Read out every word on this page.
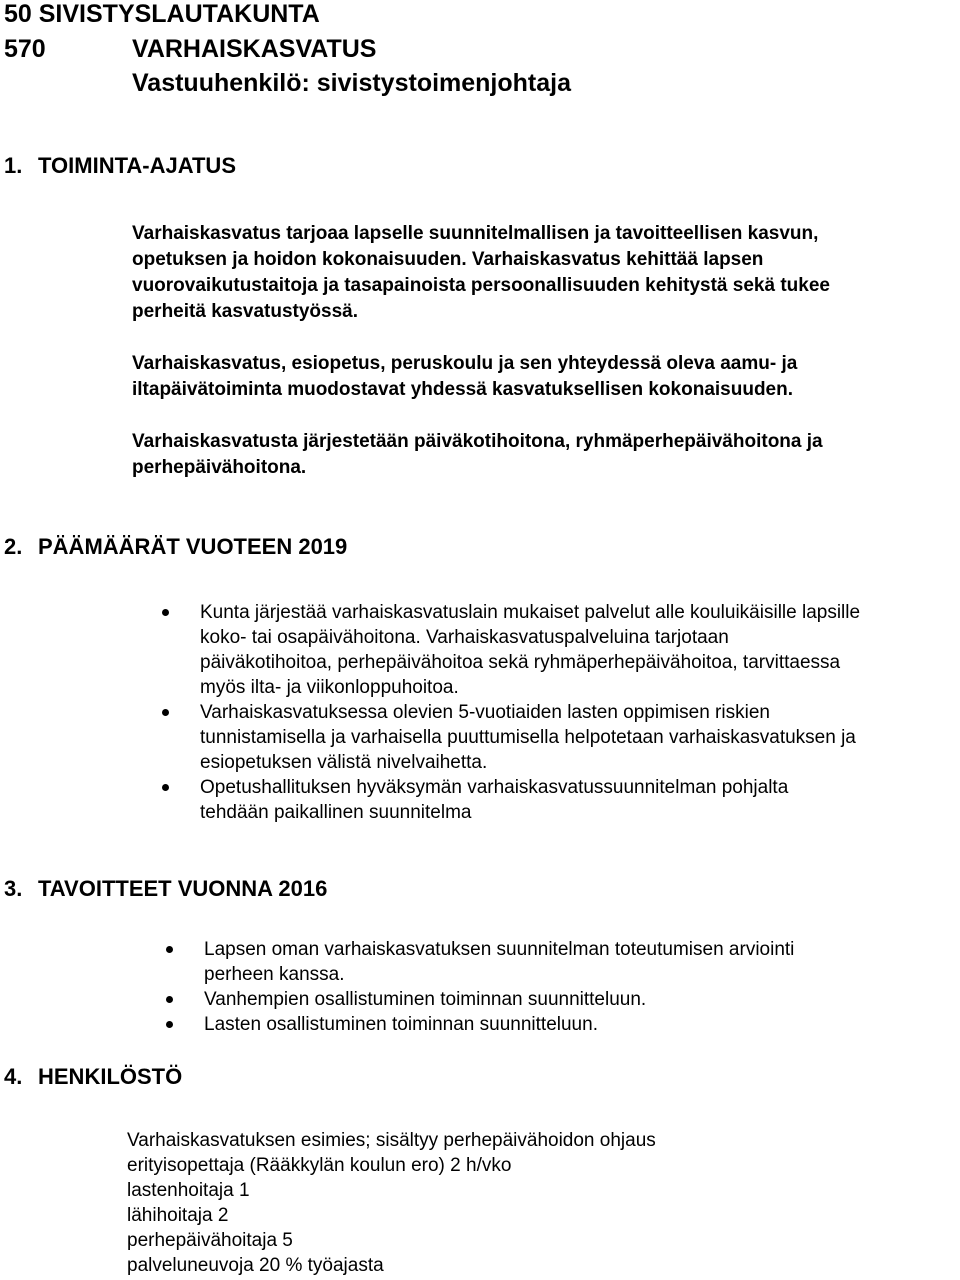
50 SIVISTYSLAUTAKUNTA
570	VARHAISKASVATUS
Vastuuhenkilö: sivistystoimenjohtaja
1. TOIMINTA-AJATUS
Varhaiskasvatus tarjoaa lapselle suunnitelmallisen ja tavoitteellisen kasvun,
opetuksen ja hoidon kokonaisuuden. Varhaiskasvatus kehittää lapsen
vuorovaikutustaitoja ja tasapainoista persoonallisuuden kehitystä sekä tukee
perheitä kasvatustyössä.
Varhaiskasvatus, esiopetus, peruskoulu ja sen yhteydessä oleva aamu- ja
iltapäivätoiminta muodostavat yhdessä kasvatuksellisen kokonaisuuden.
Varhaiskasvatusta järjestetään päiväkotihoitona, ryhmäperhepäivähoitona ja
perhepäivähoitona.
2. PÄÄMÄÄRÄT VUOTEEN 2019
Kunta järjestää varhaiskasvatuslain mukaiset palvelut alle kouluikäisille lapsille
koko- tai osapäivähoitona. Varhaiskasvatuspalveluina tarjotaan
päiväkotihoitoa, perhepäivähoitoa sekä ryhmäperhepäivähoitoa, tarvittaessa
myös ilta- ja viikonloppuhoitoa.
Varhaiskasvatuksessa olevien 5-vuotiaiden lasten oppimisen riskien
tunnistamisella ja varhaisella puuttumisella helpotetaan varhaiskasvatuksen ja
esiopetuksen välistä nivelvaihetta.
Opetushallituksen hyväksymän varhaiskasvatussuunnitelman pohjalta
tehdään paikallinen suunnitelma
3. TAVOITTEET VUONNA 2016
Lapsen oman varhaiskasvatuksen suunnitelman toteutumisen arviointi
perheen kanssa.
Vanhempien osallistuminen toiminnan suunnitteluun.
Lasten osallistuminen toiminnan suunnitteluun.
4. HENKILÖSTÖ
Varhaiskasvatuksen esimies; sisältyy perhepäivähoidon ohjaus
erityisopettaja (Rääkkylän koulun ero) 2 h/vko
lastenhoitaja 1
lähihoitaja 2
perhepäivähoitaja 5
palveluneuvoja 20 % työajasta
